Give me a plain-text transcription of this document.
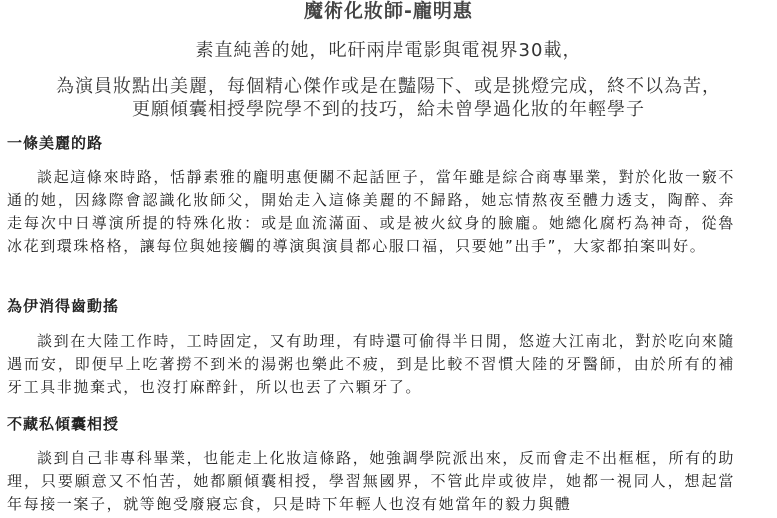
魔術化妝師-龐明惠
素直純善的她，叱矸兩岸電影與電視界30載，
為演員妝點出美麗，每個精心傑作或是在豔陽下、或是挑燈完成，終不以為苦，
更願傾囊相授學院學不到的技巧，給未曾學過化妝的年輕學子
一條美麗的路

談起這條來時路，恬靜素雅的龐明惠便關不起話匣子，當年雖是綜合商專畢業，對於化妝一竅不通的她，因緣際會認識化妝師父，開始走入這條美麗的不歸路，她忘情熬夜至體力透支，陶醉、奔走每次中日導演所提的特殊化妝：或是血流滿面、或是被火紋身的臉龐。她總化腐朽為神奇，從魯冰花到環珠格格，讓每位與她接觸的導演與演員都心服口福，只要她”出手”，大家都拍案叫好。

為伊消得齒動搖

談到在大陸工作時，工時固定，又有助理，有時還可偷得半日閒，悠遊大江南北，對於吃向來隨遇而安，即便早上吃著撈不到米的湯粥也樂此不疲，到是比較不習慣大陸的牙醫師，由於所有的補牙工具非拋棄式，也沒打麻醉針，所以也丟了六顆牙了。

不藏私傾囊相授

談到自己非專科畢業，也能走上化妝這條路，她強調學院派出來，反而會走不出框框，所有的助理，只要願意又不怕苦，她都願傾囊相授，學習無國界，不管此岸或彼岸，她都一視同人，想起當年每接一案子，就等飽受廢寢忘食，只是時下年輕人也沒有她當年的毅力與體
